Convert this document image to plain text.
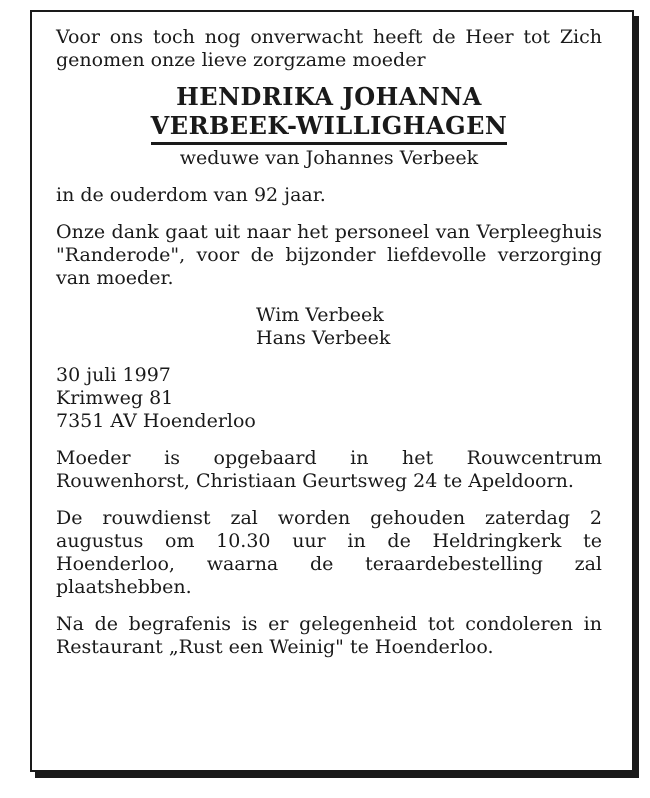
Voor ons toch nog onverwacht heeft de Heer tot Zich genomen onze lieve zorgzame moeder
HENDRIKA JOHANNA
VERBEEK-WILLIGHAGEN
weduwe van Johannes Verbeek
in de ouderdom van 92 jaar.
Onze dank gaat uit naar het personeel van Verpleeghuis "Randerode", voor de bijzonder liefdevolle verzorging van moeder.
Wim Verbeek
Hans Verbeek
30 juli 1997
Krimweg 81
7351 AV Hoenderloo
Moeder is opgebaard in het Rouwcentrum Rouwenhorst, Christiaan Geurtsweg 24 te Apeldoorn.
De rouwdienst zal worden gehouden zaterdag 2 augustus om 10.30 uur in de Heldringkerk te Hoenderloo, waarna de teraardebestelling zal plaatshebben.
Na de begrafenis is er gelegenheid tot condoleren in Restaurant „Rust een Weinig" te Hoenderloo.
